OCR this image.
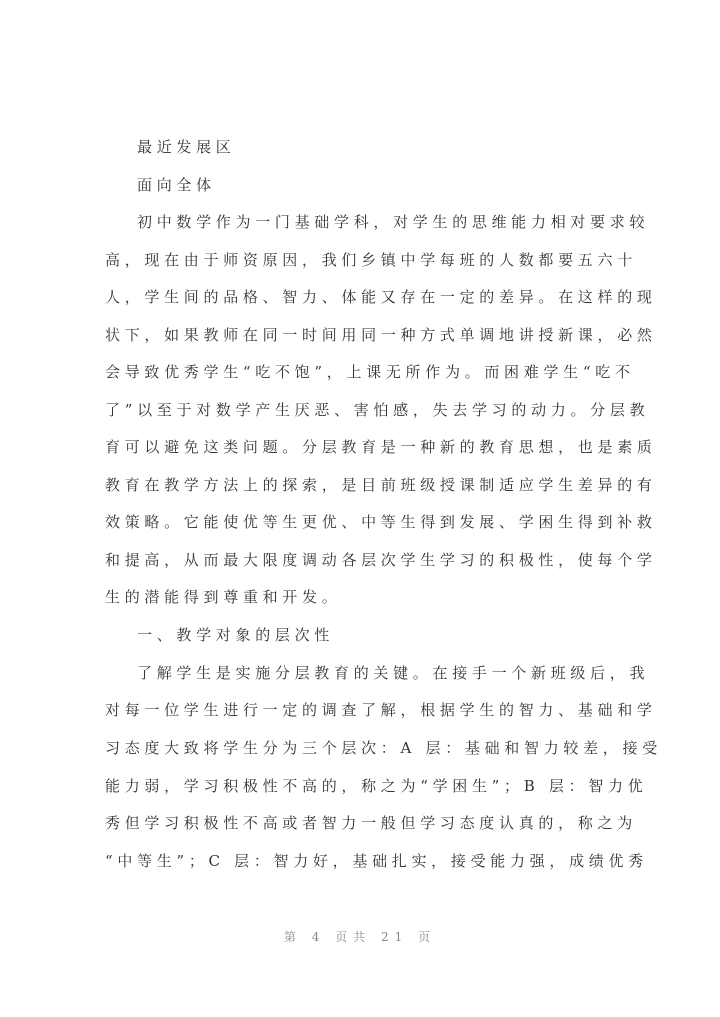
最近发展区
面向全体
初中数学作为一门基础学科，对学生的思维能力相对要求较
高，现在由于师资原因，我们乡镇中学每班的人数都要五六十
人，学生间的品格、智力、体能又存在一定的差异。在这样的现
状下，如果教师在同一时间用同一种方式单调地讲授新课，必然
会导致优秀学生“吃不饱”，上课无所作为。而困难学生“吃不
了”以至于对数学产生厌恶、害怕感，失去学习的动力。分层教
育可以避免这类问题。分层教育是一种新的教育思想，也是素质
教育在教学方法上的探索，是目前班级授课制适应学生差异的有
效策略。它能使优等生更优、中等生得到发展、学困生得到补救
和提高，从而最大限度调动各层次学生学习的积极性，使每个学
生的潜能得到尊重和开发。
一、教学对象的层次性
了解学生是实施分层教育的关键。在接手一个新班级后，我
对每一位学生进行一定的调查了解，根据学生的智力、基础和学
习态度大致将学生分为三个层次：A 层：基础和智力较差，接受
能力弱，学习积极性不高的，称之为“学困生”；B 层：智力优
秀但学习积极性不高或者智力一般但学习态度认真的，称之为
“中等生”；C 层：智力好，基础扎实，接受能力强，成绩优秀
第 4 页共 21 页
